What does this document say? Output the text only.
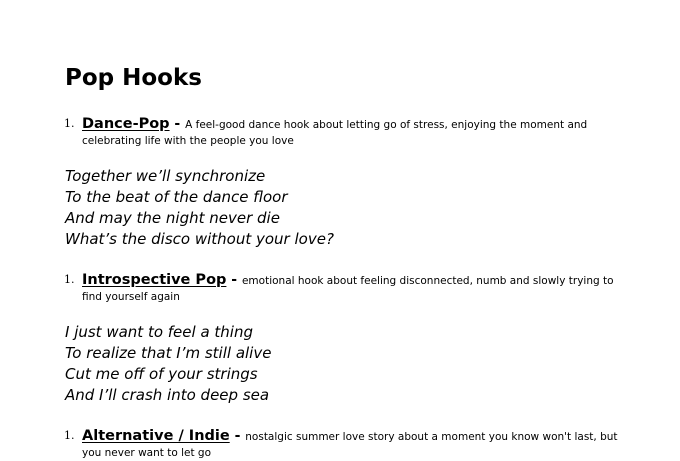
Pop Hooks

1. Dance-Pop - A feel-good dance hook about letting go of stress, enjoying the moment and celebrating life with the people you love

Together we’ll synchronize
To the beat of the dance floor
And may the night never die
What’s the disco without your love?

1. Introspective Pop - emotional hook about feeling disconnected, numb and slowly trying to find yourself again

I just want to feel a thing
To realize that I’m still alive
Cut me off of your strings
And I’ll crash into deep sea

1. Alternative / Indie - nostalgic summer love story about a moment you know won't last, but you never want to let go
